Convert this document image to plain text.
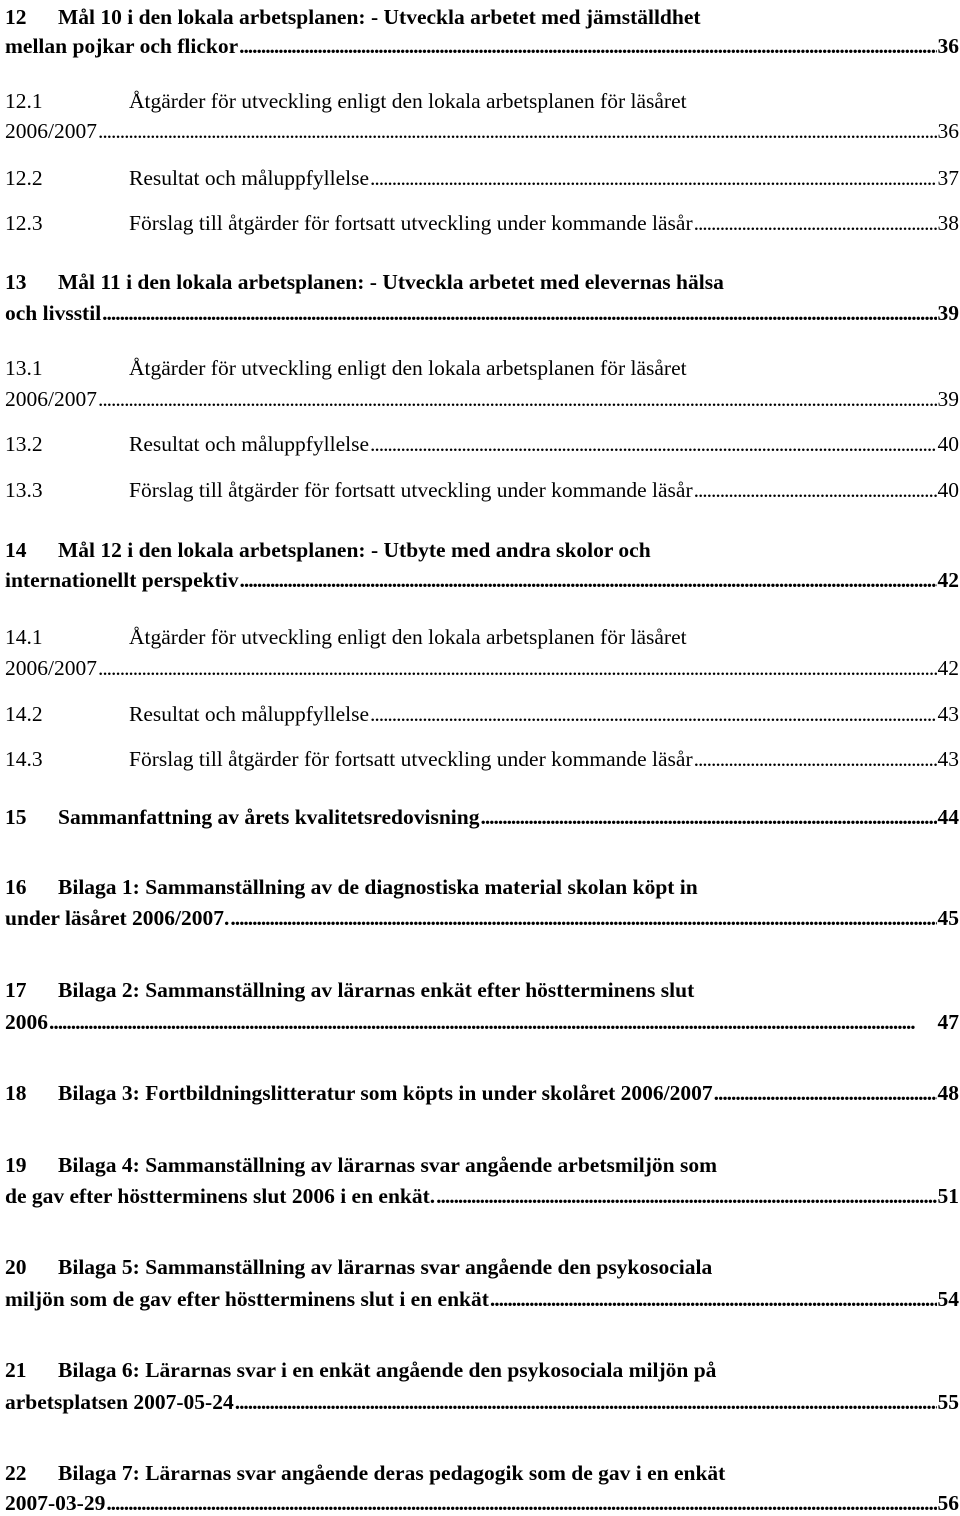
12	Mål 10 i den lokala arbetsplanen: - Utveckla arbetet med jämställdhet
mellan pojkar och flickor . . .	36
12.1	Åtgärder för utveckling enligt den lokala arbetsplanen för läsåret
2006/2007 . . .	36
12.2	Resultat och måluppfyllelse . . .	37
12.3	Förslag till åtgärder för fortsatt utveckling under kommande läsår . . .	38
13	Mål 11 i den lokala arbetsplanen: - Utveckla arbetet med elevernas hälsa
och livsstil . . .	39
13.1	Åtgärder för utveckling enligt den lokala arbetsplanen för läsåret
2006/2007 . . .	39
13.2	Resultat och måluppfyllelse . . .	40
13.3	Förslag till åtgärder för fortsatt utveckling under kommande läsår . . .	40
14	Mål 12 i den lokala arbetsplanen: - Utbyte med andra skolor och
internationellt perspektiv . . .	42
14.1	Åtgärder för utveckling enligt den lokala arbetsplanen för läsåret
2006/2007 . . .	42
14.2	Resultat och måluppfyllelse . . .	43
14.3	Förslag till åtgärder för fortsatt utveckling under kommande läsår . . .	43
15	Sammanfattning av årets kvalitetsredovisning . . .	44
16	Bilaga 1: Sammanställning av de diagnostiska material skolan köpt in
under läsåret 2006/2007. . . .	45
17	Bilaga 2: Sammanställning av lärarnas enkät efter höstterminens slut
2006 . . .	47
18	Bilaga 3: Fortbildningslitteratur som köpts in under skolåret 2006/2007 . . .	48
19	Bilaga 4: Sammanställning av lärarnas svar angående arbetsmiljön som
de gav efter höstterminens slut 2006 i en enkät. . . .	51
20	Bilaga 5: Sammanställning av lärarnas svar angående den psykosociala
miljön som de gav efter höstterminens slut i en enkät . . .	54
21	Bilaga 6: Lärarnas svar i en enkät angående den psykosociala miljön på
arbetsplatsen 2007-05-24 . . .	55
22	Bilaga 7: Lärarnas svar angående deras pedagogik som de gav i en enkät
2007-03-29 . . .	56
